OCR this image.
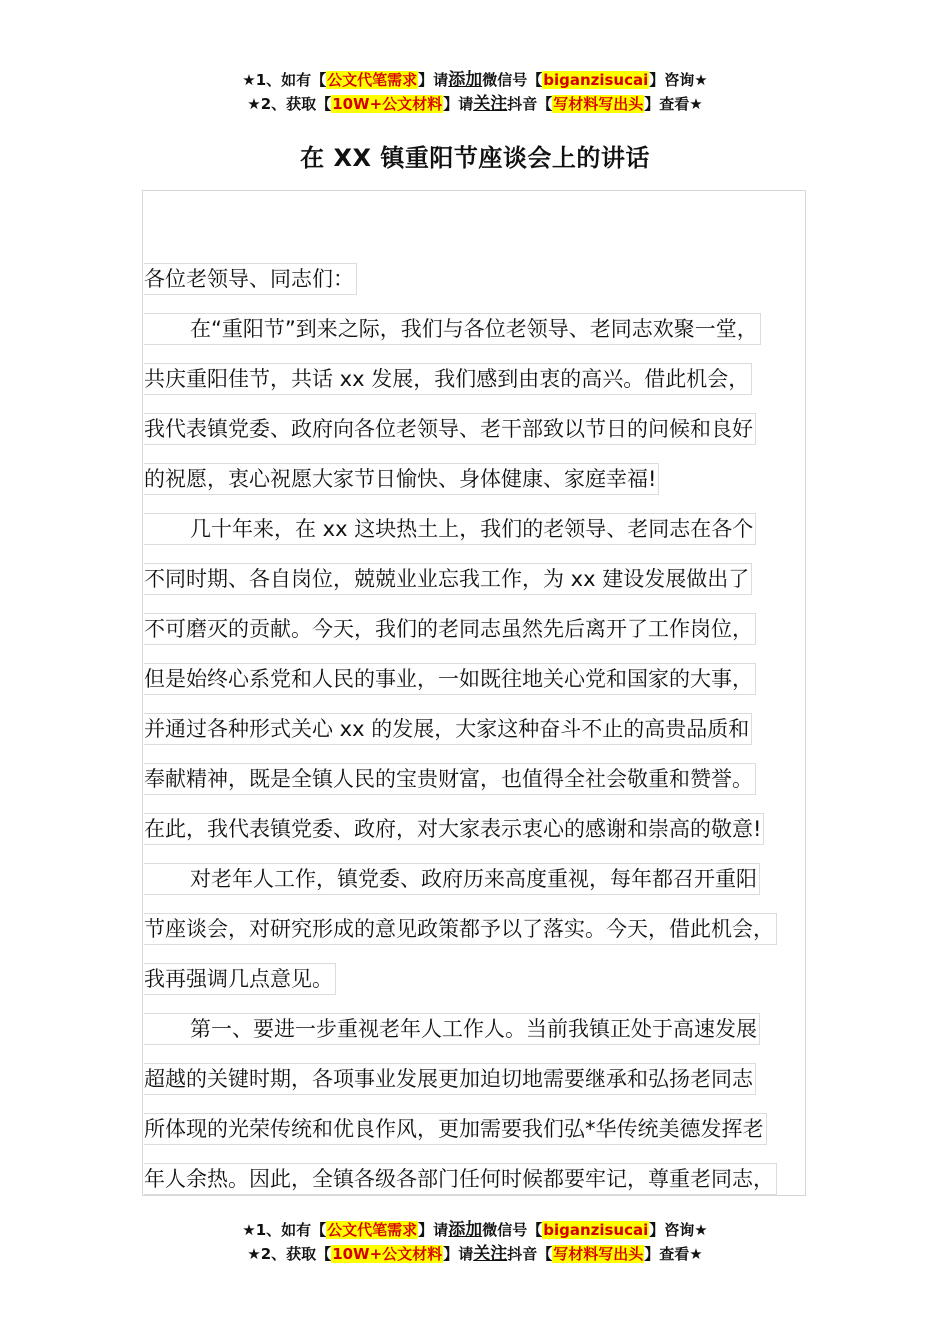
★1、如有【公文代笔需求】请添加微信号【biganzisucai】咨询★
★2、获取【10W+公文材料】请关注抖音【写材料写出头】查看★
在 XX 镇重阳节座谈会上的讲话
各位老领导、同志们：
在“重阳节”到来之际，我们与各位老领导、老同志欢聚一堂，
共庆重阳佳节，共话 xx 发展，我们感到由衷的高兴。借此机会，
我代表镇党委、政府向各位老领导、老干部致以节日的问候和良好
的祝愿，衷心祝愿大家节日愉快、身体健康、家庭幸福!
几十年来，在 xx 这块热土上，我们的老领导、老同志在各个
不同时期、各自岗位，兢兢业业忘我工作，为 xx 建设发展做出了
不可磨灭的贡献。今天，我们的老同志虽然先后离开了工作岗位，
但是始终心系党和人民的事业，一如既往地关心党和国家的大事，
并通过各种形式关心 xx 的发展，大家这种奋斗不止的高贵品质和
奉献精神，既是全镇人民的宝贵财富，也值得全社会敬重和赞誉。
在此，我代表镇党委、政府，对大家表示衷心的感谢和崇高的敬意!
对老年人工作，镇党委、政府历来高度重视，每年都召开重阳
节座谈会，对研究形成的意见政策都予以了落实。今天，借此机会，
我再强调几点意见。
第一、要进一步重视老年人工作人。当前我镇正处于高速发展
超越的关键时期，各项事业发展更加迫切地需要继承和弘扬老同志
所体现的光荣传统和优良作风，更加需要我们弘*华传统美德发挥老
年人余热。因此，全镇各级各部门任何时候都要牢记，尊重老同志，
★1、如有【公文代笔需求】请添加微信号【biganzisucai】咨询★
★2、获取【10W+公文材料】请关注抖音【写材料写出头】查看★
